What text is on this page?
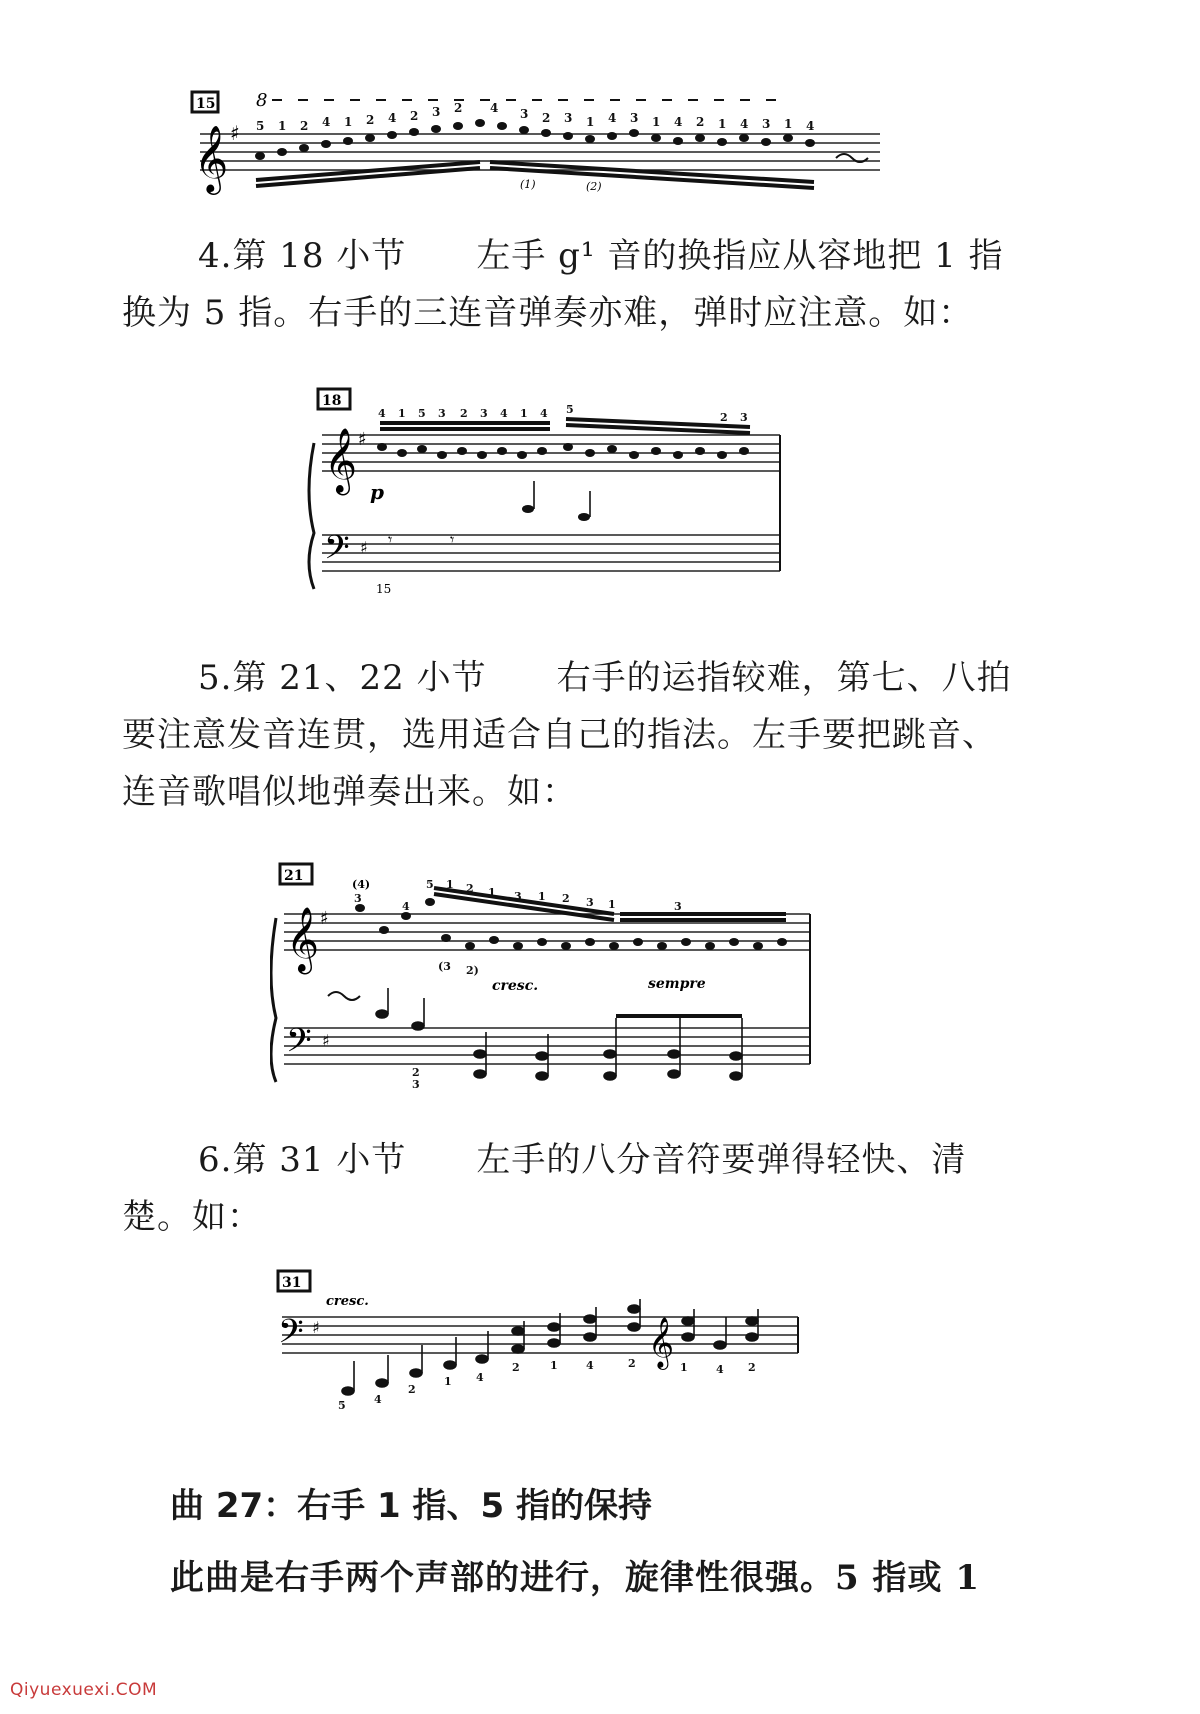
15 8
𝄞 ♯ 5 1 2 4 1 2 4 2 3 2 4 3 2 3 1 4 3 1 4 2 1 4 3 1 4
(1)	(2)

4.第 18 小节 左手 g¹ 音的换指应从容地把 1 指

换为 5 指。右手的三连音弹奏亦难，弹时应注意。如：

18
𝄞 ♯
𝄢 ♯
4 1 5 3 2 3 4 1 4 5
2 3
p
𝄾	𝄾
15

5.第 21、22 小节 右手的运指较难，第七、八拍

要注意发音连贯，选用适合自己的指法。左手要把跳音、

连音歌唱似地弹奏出来。如：

21
𝄞 ♯
𝄢 ♯
(4)
3
4
5 1 2 1 3 1 2 3 1	3
(3 2)
cresc.	sempre
2
3

6.第 31 小节 左手的八分音符要弹得轻快、清

楚。如：

31
cresc.
𝄢 ♯	𝄞
5	4
2
1 4
2	1	4	2	1	4 2
曲 27：右手 1 指、5 指的保持
此曲是右手两个声部的进行，旋律性很强。5 指或 1
Qiyuexuexi.COM
